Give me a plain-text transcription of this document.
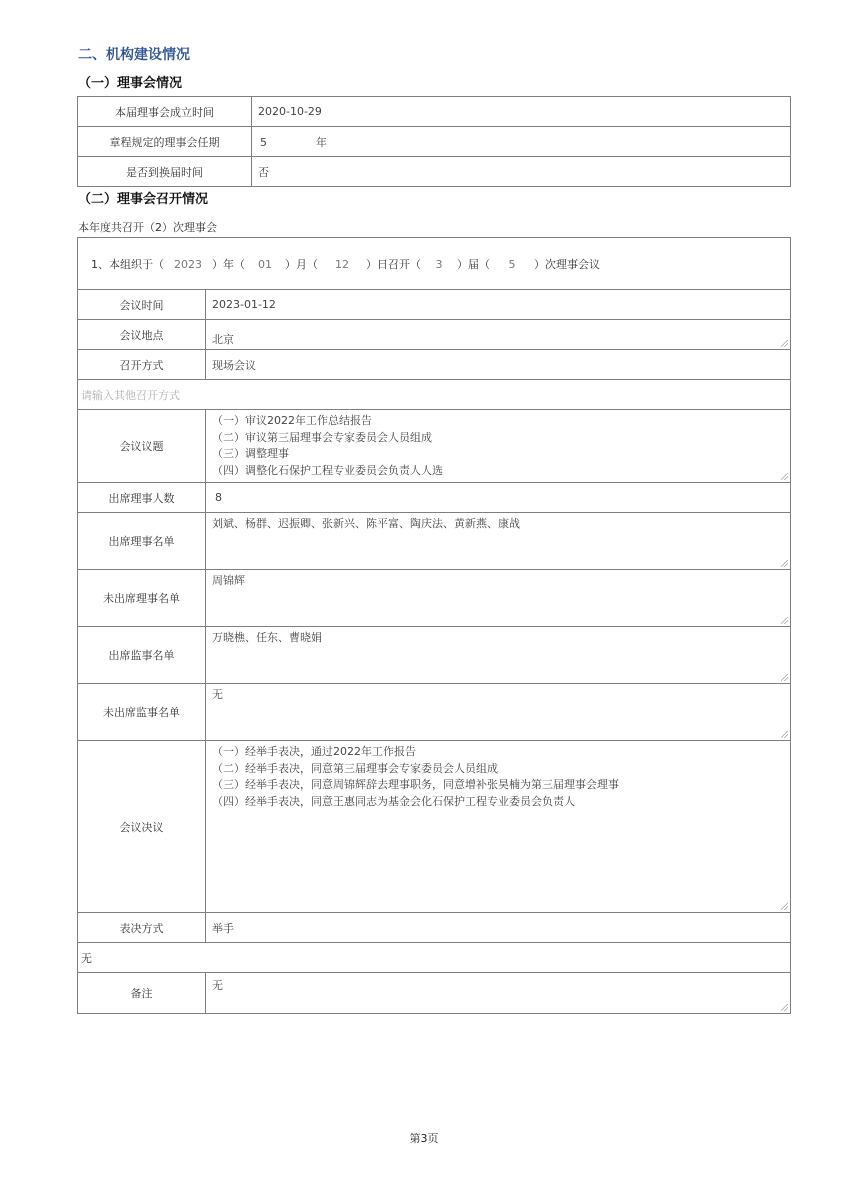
二、机构建设情况
（一）理事会情况
本届理事会成立时间	2020-10-29
章程规定的理事会任期	5 年
是否到换届时间	否
（二）理事会召开情况
本年度共召开（2）次理事会
1、本组织于（ 2023 ）年（ 01 ）月（ 12 ）日召开（ 3 ）届（ 5 ）次理事会议	
会议时间	2023-01-12
会议地点	北京

召开方式	现场会议
请输入其他召开方式	
会议议题	（一）审议2022年工作总结报告
（二）审议第三届理事会专家委员会人员组成
（三）调整理事
（四）调整化石保护工程专业委员会负责人人选

出席理事人数	8
出席理事名单	刘斌、杨群、迟振卿、张新兴、陈平富、陶庆法、黄新燕、康战

未出席理事名单	周锦辉

出席监事名单	万晓樵、任东、曹晓娟

未出席监事名单	无

会议决议	（一）经举手表决，通过2022年工作报告
（二）经举手表决，同意第三届理事会专家委员会人员组成
（三）经举手表决，同意周锦辉辞去理事职务，同意增补张昊楠为第三届理事会理事
（四）经举手表决，同意王惠同志为基金会化石保护工程专业委员会负责人

表决方式	举手
无	
备注	无
第3页
